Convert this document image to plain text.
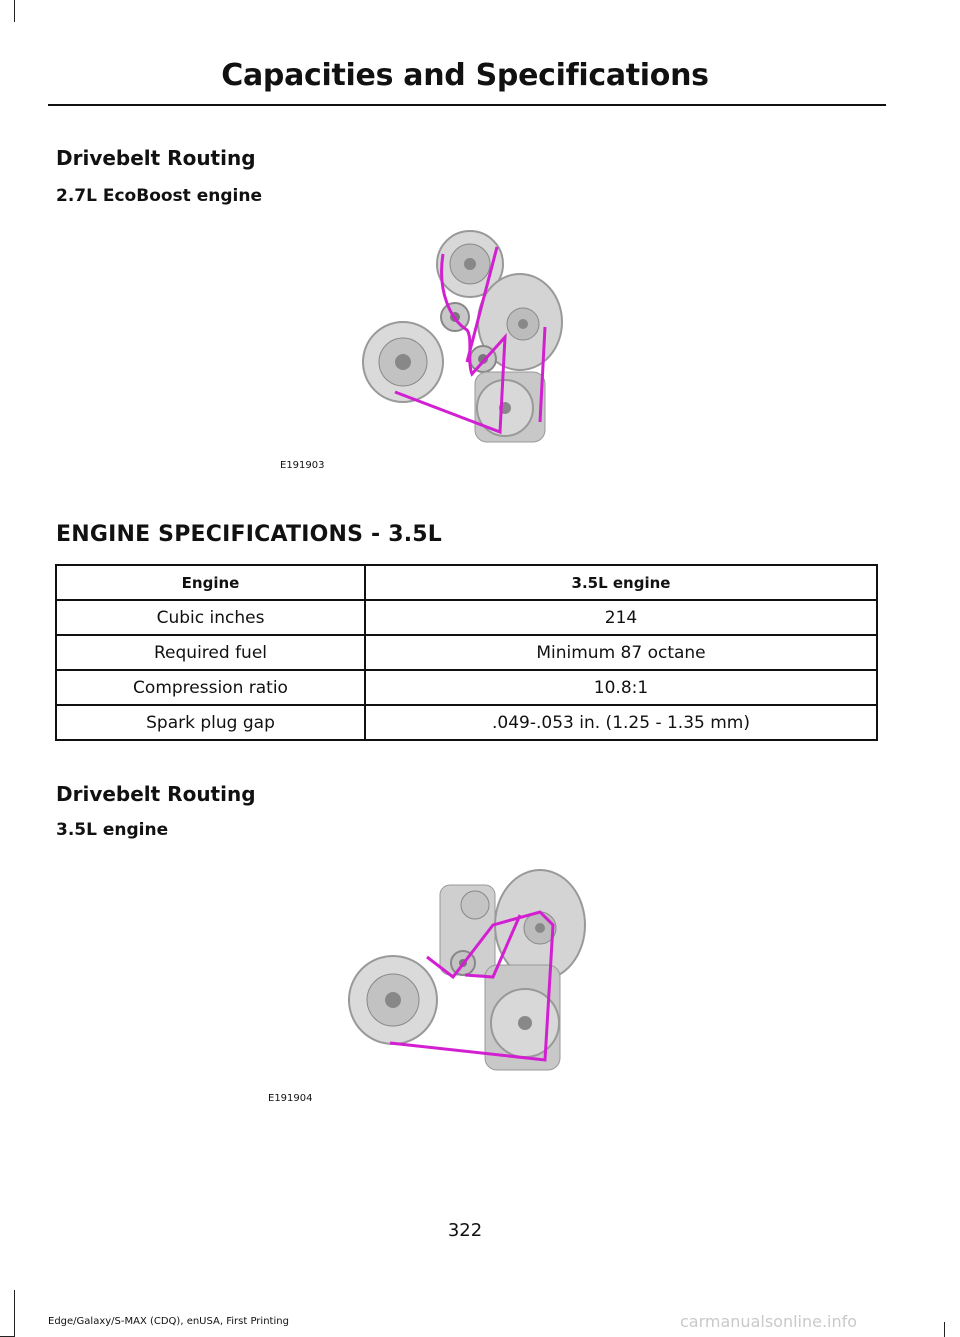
Capacities and Specifications
Drivebelt Routing
2.7L EcoBoost engine
E191903
ENGINE SPECIFICATIONS - 3.5L
Engine	3.5L engine
Cubic inches	214
Required fuel	Minimum 87 octane
Compression ratio	10.8:1
Spark plug gap	.049-.053 in. (1.25 - 1.35 mm)
Drivebelt Routing
3.5L engine
E191904
322
Edge/Galaxy/S-MAX (CDQ), enUSA, First Printing	carmanualsonline.info
